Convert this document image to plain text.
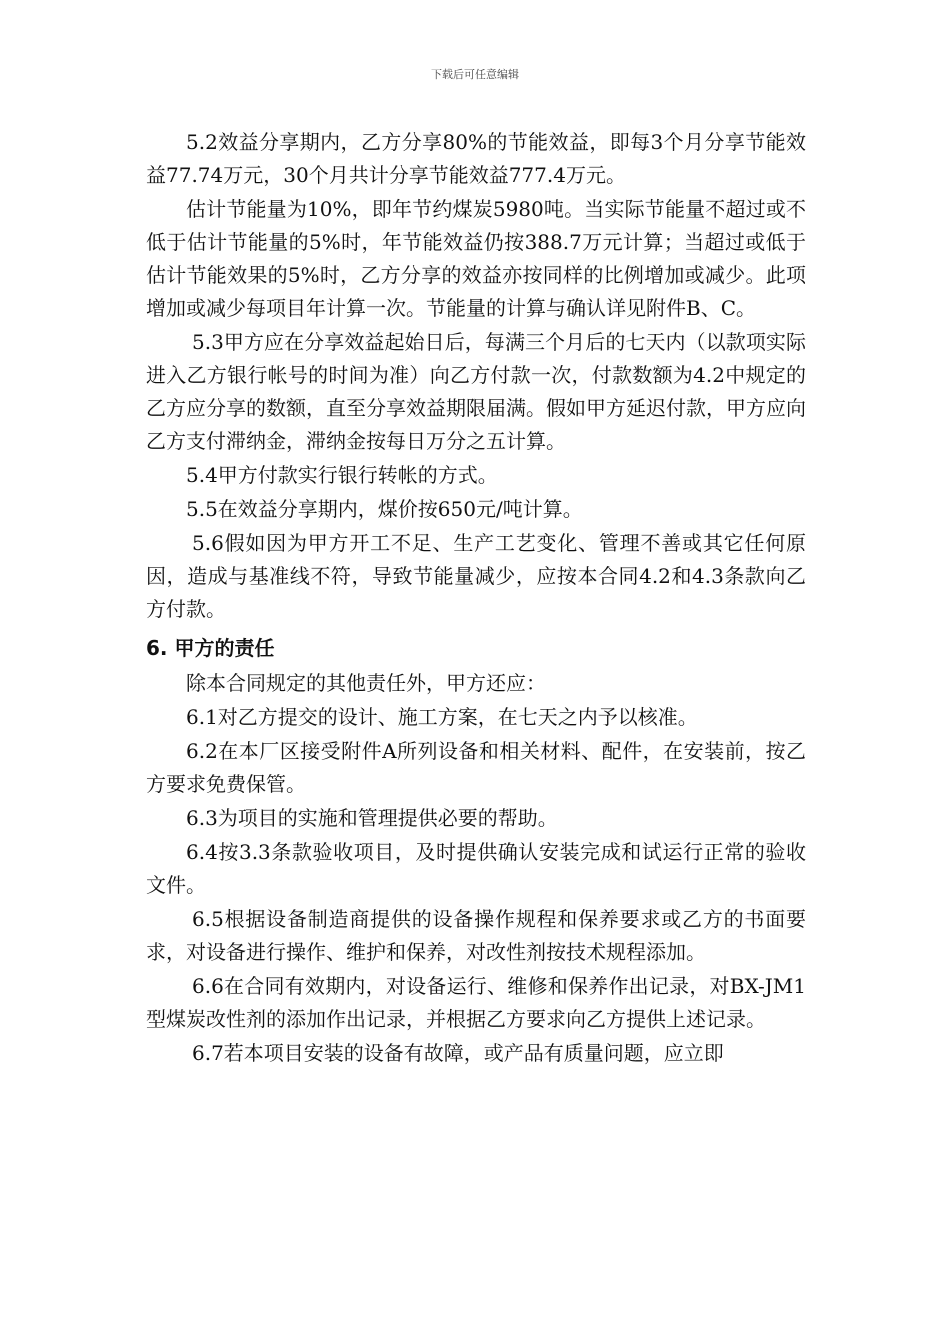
下载后可任意编辑

5.2效益分享期内，乙方分享80%的节能效益，即每3个月分享节能效益77.74万元，30个月共计分享节能效益777.4万元。

估计节能量为10%，即年节约煤炭5980吨。当实际节能量不超过或不低于估计节能量的5%时，年节能效益仍按388.7万元计算；当超过或低于估计节能效果的5%时，乙方分享的效益亦按同样的比例增加或减少。此项增加或减少每项目年计算一次。节能量的计算与确认详见附件B、C。

5.3甲方应在分享效益起始日后，每满三个月后的七天内（以款项实际进入乙方银行帐号的时间为准）向乙方付款一次，付款数额为4.2中规定的乙方应分享的数额，直至分享效益期限届满。假如甲方延迟付款，甲方应向乙方支付滞纳金，滞纳金按每日万分之五计算。

5.4甲方付款实行银行转帐的方式。

5.5在效益分享期内，煤价按650元/吨计算。

5.6假如因为甲方开工不足、生产工艺变化、管理不善或其它任何原因，造成与基准线不符，导致节能量减少，应按本合同4.2和4.3条款向乙方付款。

6. 甲方的责任

除本合同规定的其他责任外，甲方还应：

6.1对乙方提交的设计、施工方案，在七天之内予以核准。

6.2在本厂区接受附件A所列设备和相关材料、配件，在安装前，按乙方要求免费保管。

6.3为项目的实施和管理提供必要的帮助。

6.4按3.3条款验收项目，及时提供确认安装完成和试运行正常的验收文件。

6.5根据设备制造商提供的设备操作规程和保养要求或乙方的书面要求，对设备进行操作、维护和保养，对改性剂按技术规程添加。

6.6在合同有效期内，对设备运行、维修和保养作出记录，对BX-JM1型煤炭改性剂的添加作出记录，并根据乙方要求向乙方提供上述记录。

6.7若本项目安装的设备有故障，或产品有质量问题，应立即
